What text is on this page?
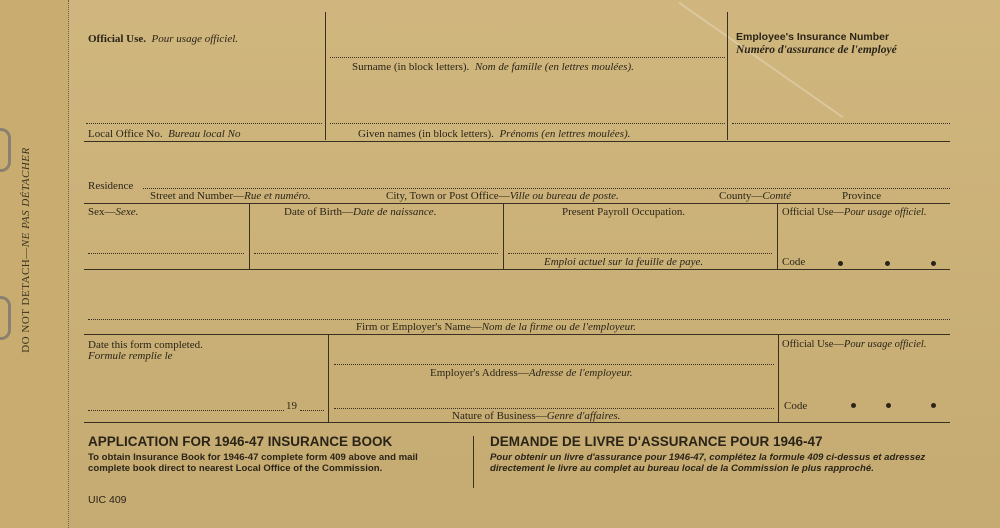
DO NOT DETACH—NE PAS DÉTACHER
Official Use. Pour usage officiel.
Surname (in block letters). Nom de famille (en lettres moulées).
Employee's Insurance Number
Numéro d'assurance de l'employé
Local Office No. Bureau local No	Given names (in block letters). Prénoms (en lettres moulées).
Residence
Street and Number—Rue et numéro.	City, Town or Post Office—Ville ou bureau de poste.	County—Comté	Province
Sex—Sexe.	Date of Birth—Date de naissance.	Present Payroll Occupation.	Official Use—Pour usage officiel.
Emploi actuel sur la feuille de paye.	Code
Firm or Employer's Name—Nom de la firme ou de l'employeur.
Date this form completed.
Formule remplie le
Official Use—Pour usage officiel.
Employer's Address—Adresse de l'employeur.
19
Nature of Business—Genre d'affaires.
Code
APPLICATION FOR 1946-47 INSURANCE BOOK
To obtain Insurance Book for 1946-47 complete form 409 above and mail complete book direct to nearest Local Office of the Commission.
DEMANDE DE LIVRE D'ASSURANCE POUR 1946-47
Pour obtenir un livre d'assurance pour 1946-47, complétez la formule 409 ci-dessus et adressez directement le livre au complet au bureau local de la Commission le plus rapproché.
UIC 409
